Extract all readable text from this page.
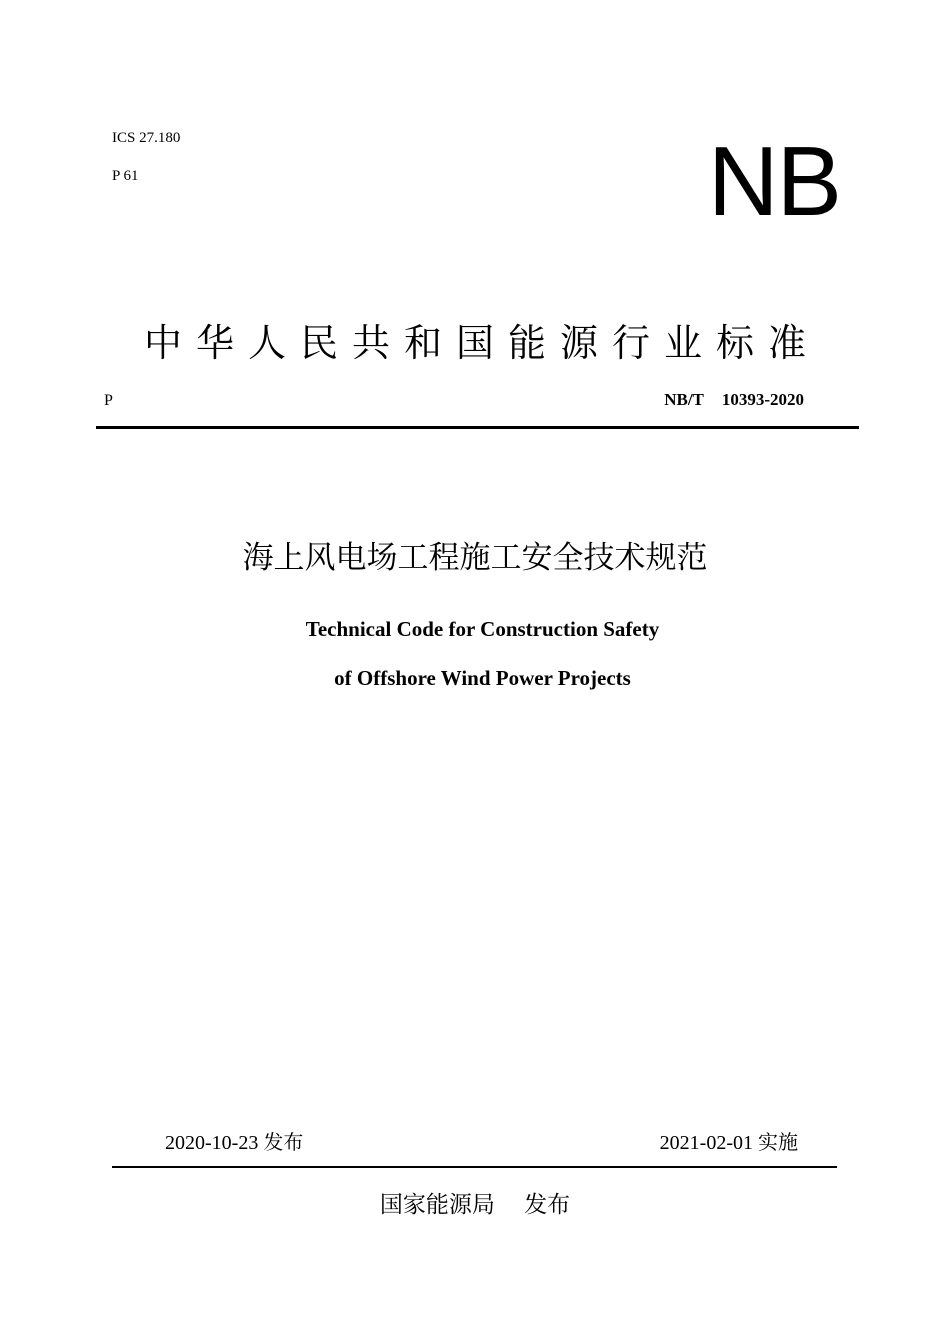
ICS 27.180
P 61	NB
中华人民共和国能源行业标准
P	NB/T 10393-2020
海上风电场工程施工安全技术规范
Technical Code for Construction Safety
of Offshore Wind Power Projects
2020-10-23 发布	2021-02-01 实施
国家能源局    发布
